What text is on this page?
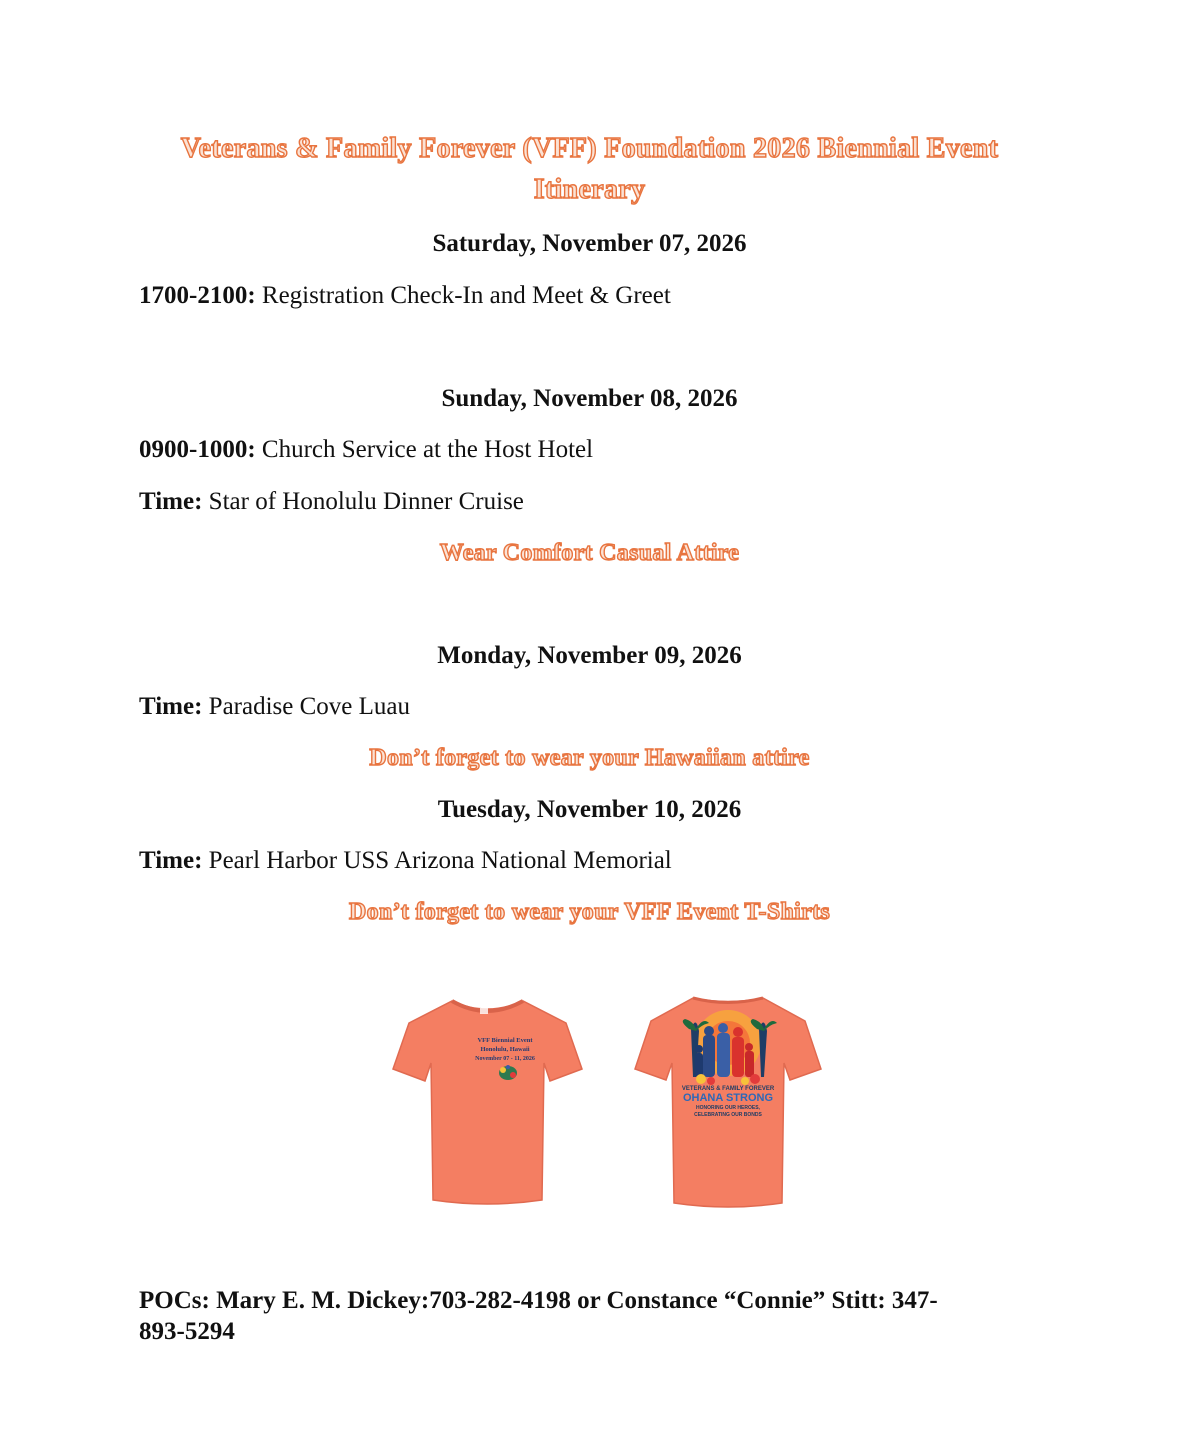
Veterans & Family Forever (VFF) Foundation 2026 Biennial Event
Itinerary
Saturday, November 07, 2026
1700-2100: Registration Check-In and Meet & Greet
Sunday, November 08, 2026
0900-1000: Church Service at the Host Hotel
Time: Star of Honolulu Dinner Cruise
Wear Comfort Casual Attire
Monday, November 09, 2026
Time: Paradise Cove Luau
Don’t forget to wear your Hawaiian attire
Tuesday, November 10, 2026
Time: Pearl Harbor USS Arizona National Memorial
Don’t forget to wear your VFF Event T-Shirts
VFF Biennial Event
Honolulu, Hawaii
November 07 - 11, 2026
VETERANS & FAMILY FOREVER
OHANA STRONG
HONORING OUR HEROES,
CELEBRATING OUR BONDS
POCs: Mary E. M. Dickey:703-282-4198 or Constance “Connie” Stitt: 347-
893-5294
